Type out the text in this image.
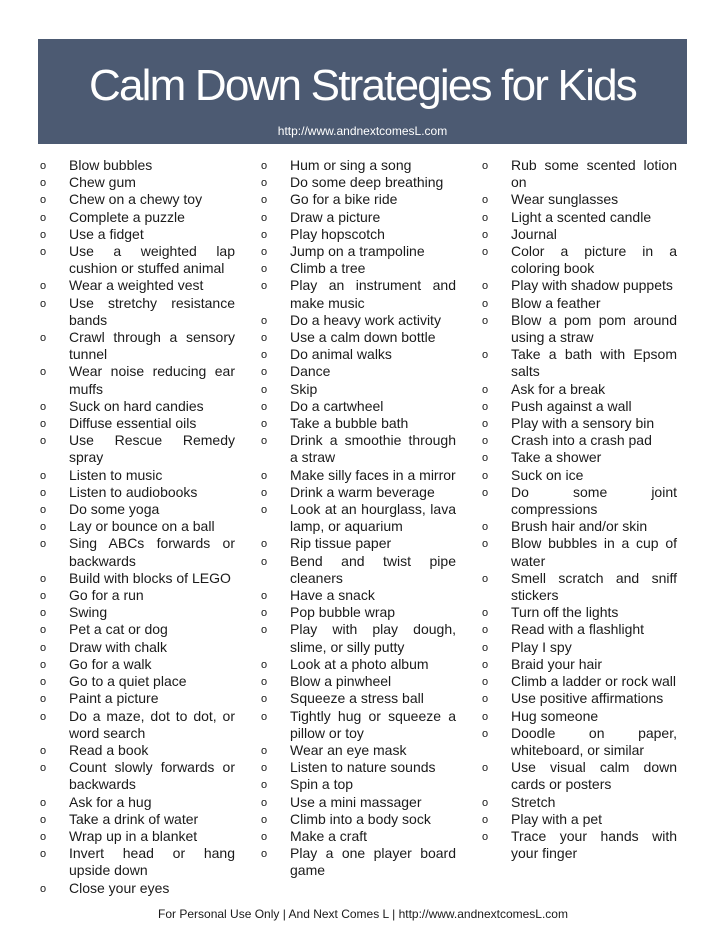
Calm Down Strategies for Kids
http://www.andnextcomesL.com
o Blow bubbles
o Chew gum
o Chew on a chewy toy
o Complete a puzzle
o Use a fidget
o Use a weighted lap cushion or stuffed animal
o Wear a weighted vest
o Use stretchy resistance bands
o Crawl through a sensory tunnel
o Wear noise reducing ear muffs
o Suck on hard candies
o Diffuse essential oils
o Use Rescue Remedy spray
o Listen to music
o Listen to audiobooks
o Do some yoga
o Lay or bounce on a ball
o Sing ABCs forwards or backwards
o Build with blocks of LEGO
o Go for a run
o Swing
o Pet a cat or dog
o Draw with chalk
o Go for a walk
o Go to a quiet place
o Paint a picture
o Do a maze, dot to dot, or word search
o Read a book
o Count slowly forwards or backwards
o Ask for a hug
o Take a drink of water
o Wrap up in a blanket
o Invert head or hang upside down
o Close your eyes
o Hum or sing a song
o Do some deep breathing
o Go for a bike ride
o Draw a picture
o Play hopscotch
o Jump on a trampoline
o Climb a tree
o Play an instrument and make music
o Do a heavy work activity
o Use a calm down bottle
o Do animal walks
o Dance
o Skip
o Do a cartwheel
o Take a bubble bath
o Drink a smoothie through a straw
o Make silly faces in a mirror
o Drink a warm beverage
o Look at an hourglass, lava lamp, or aquarium
o Rip tissue paper
o Bend and twist pipe cleaners
o Have a snack
o Pop bubble wrap
o Play with play dough, slime, or silly putty
o Look at a photo album
o Blow a pinwheel
o Squeeze a stress ball
o Tightly hug or squeeze a pillow or toy
o Wear an eye mask
o Listen to nature sounds
o Spin a top
o Use a mini massager
o Climb into a body sock
o Make a craft
o Play a one player board game
o Rub some scented lotion on
o Wear sunglasses
o Light a scented candle
o Journal
o Color a picture in a coloring book
o Play with shadow puppets
o Blow a feather
o Blow a pom pom around using a straw
o Take a bath with Epsom salts
o Ask for a break
o Push against a wall
o Play with a sensory bin
o Crash into a crash pad
o Take a shower
o Suck on ice
o Do some joint compressions
o Brush hair and/or skin
o Blow bubbles in a cup of water
o Smell scratch and sniff stickers
o Turn off the lights
o Read with a flashlight
o Play I spy
o Braid your hair
o Climb a ladder or rock wall
o Use positive affirmations
o Hug someone
o Doodle on paper, whiteboard, or similar
o Use visual calm down cards or posters
o Stretch
o Play with a pet
o Trace your hands with your finger
For Personal Use Only | And Next Comes L | http://www.andnextcomesL.com
